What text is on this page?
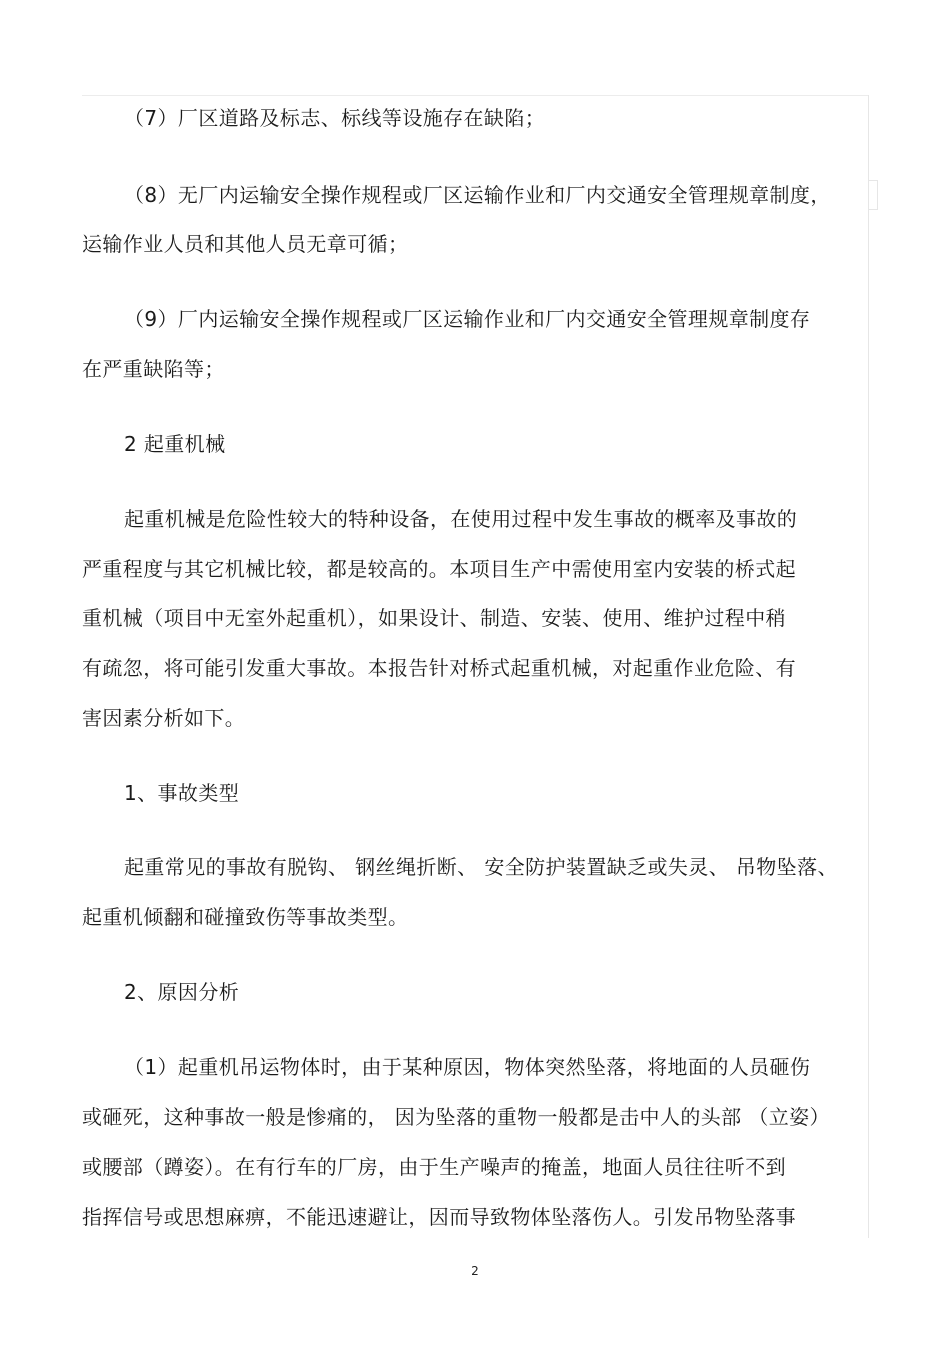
（7）厂区道路及标志、标线等设施存在缺陷；
（8）无厂内运输安全操作规程或厂区运输作业和厂内交通安全管理规章制度，
运输作业人员和其他人员无章可循；
（9）厂内运输安全操作规程或厂区运输作业和厂内交通安全管理规章制度存
在严重缺陷等；
2 起重机械
起重机械是危险性较大的特种设备，在使用过程中发生事故的概率及事故的
严重程度与其它机械比较，都是较高的。本项目生产中需使用室内安装的桥式起
重机械（项目中无室外起重机），如果设计、制造、安装、使用、维护过程中稍
有疏忽，将可能引发重大事故。本报告针对桥式起重机械，对起重作业危险、有
害因素分析如下。
1、事故类型
起重常见的事故有脱钩、 钢丝绳折断、 安全防护装置缺乏或失灵、 吊物坠落、
起重机倾翻和碰撞致伤等事故类型。
2、原因分析
（1）起重机吊运物体时，由于某种原因，物体突然坠落，将地面的人员砸伤
或砸死，这种事故一般是惨痛的， 因为坠落的重物一般都是击中人的头部 （立姿）
或腰部（蹲姿）。在有行车的厂房，由于生产噪声的掩盖，地面人员往往听不到
指挥信号或思想麻痹，不能迅速避让，因而导致物体坠落伤人。引发吊物坠落事
2
